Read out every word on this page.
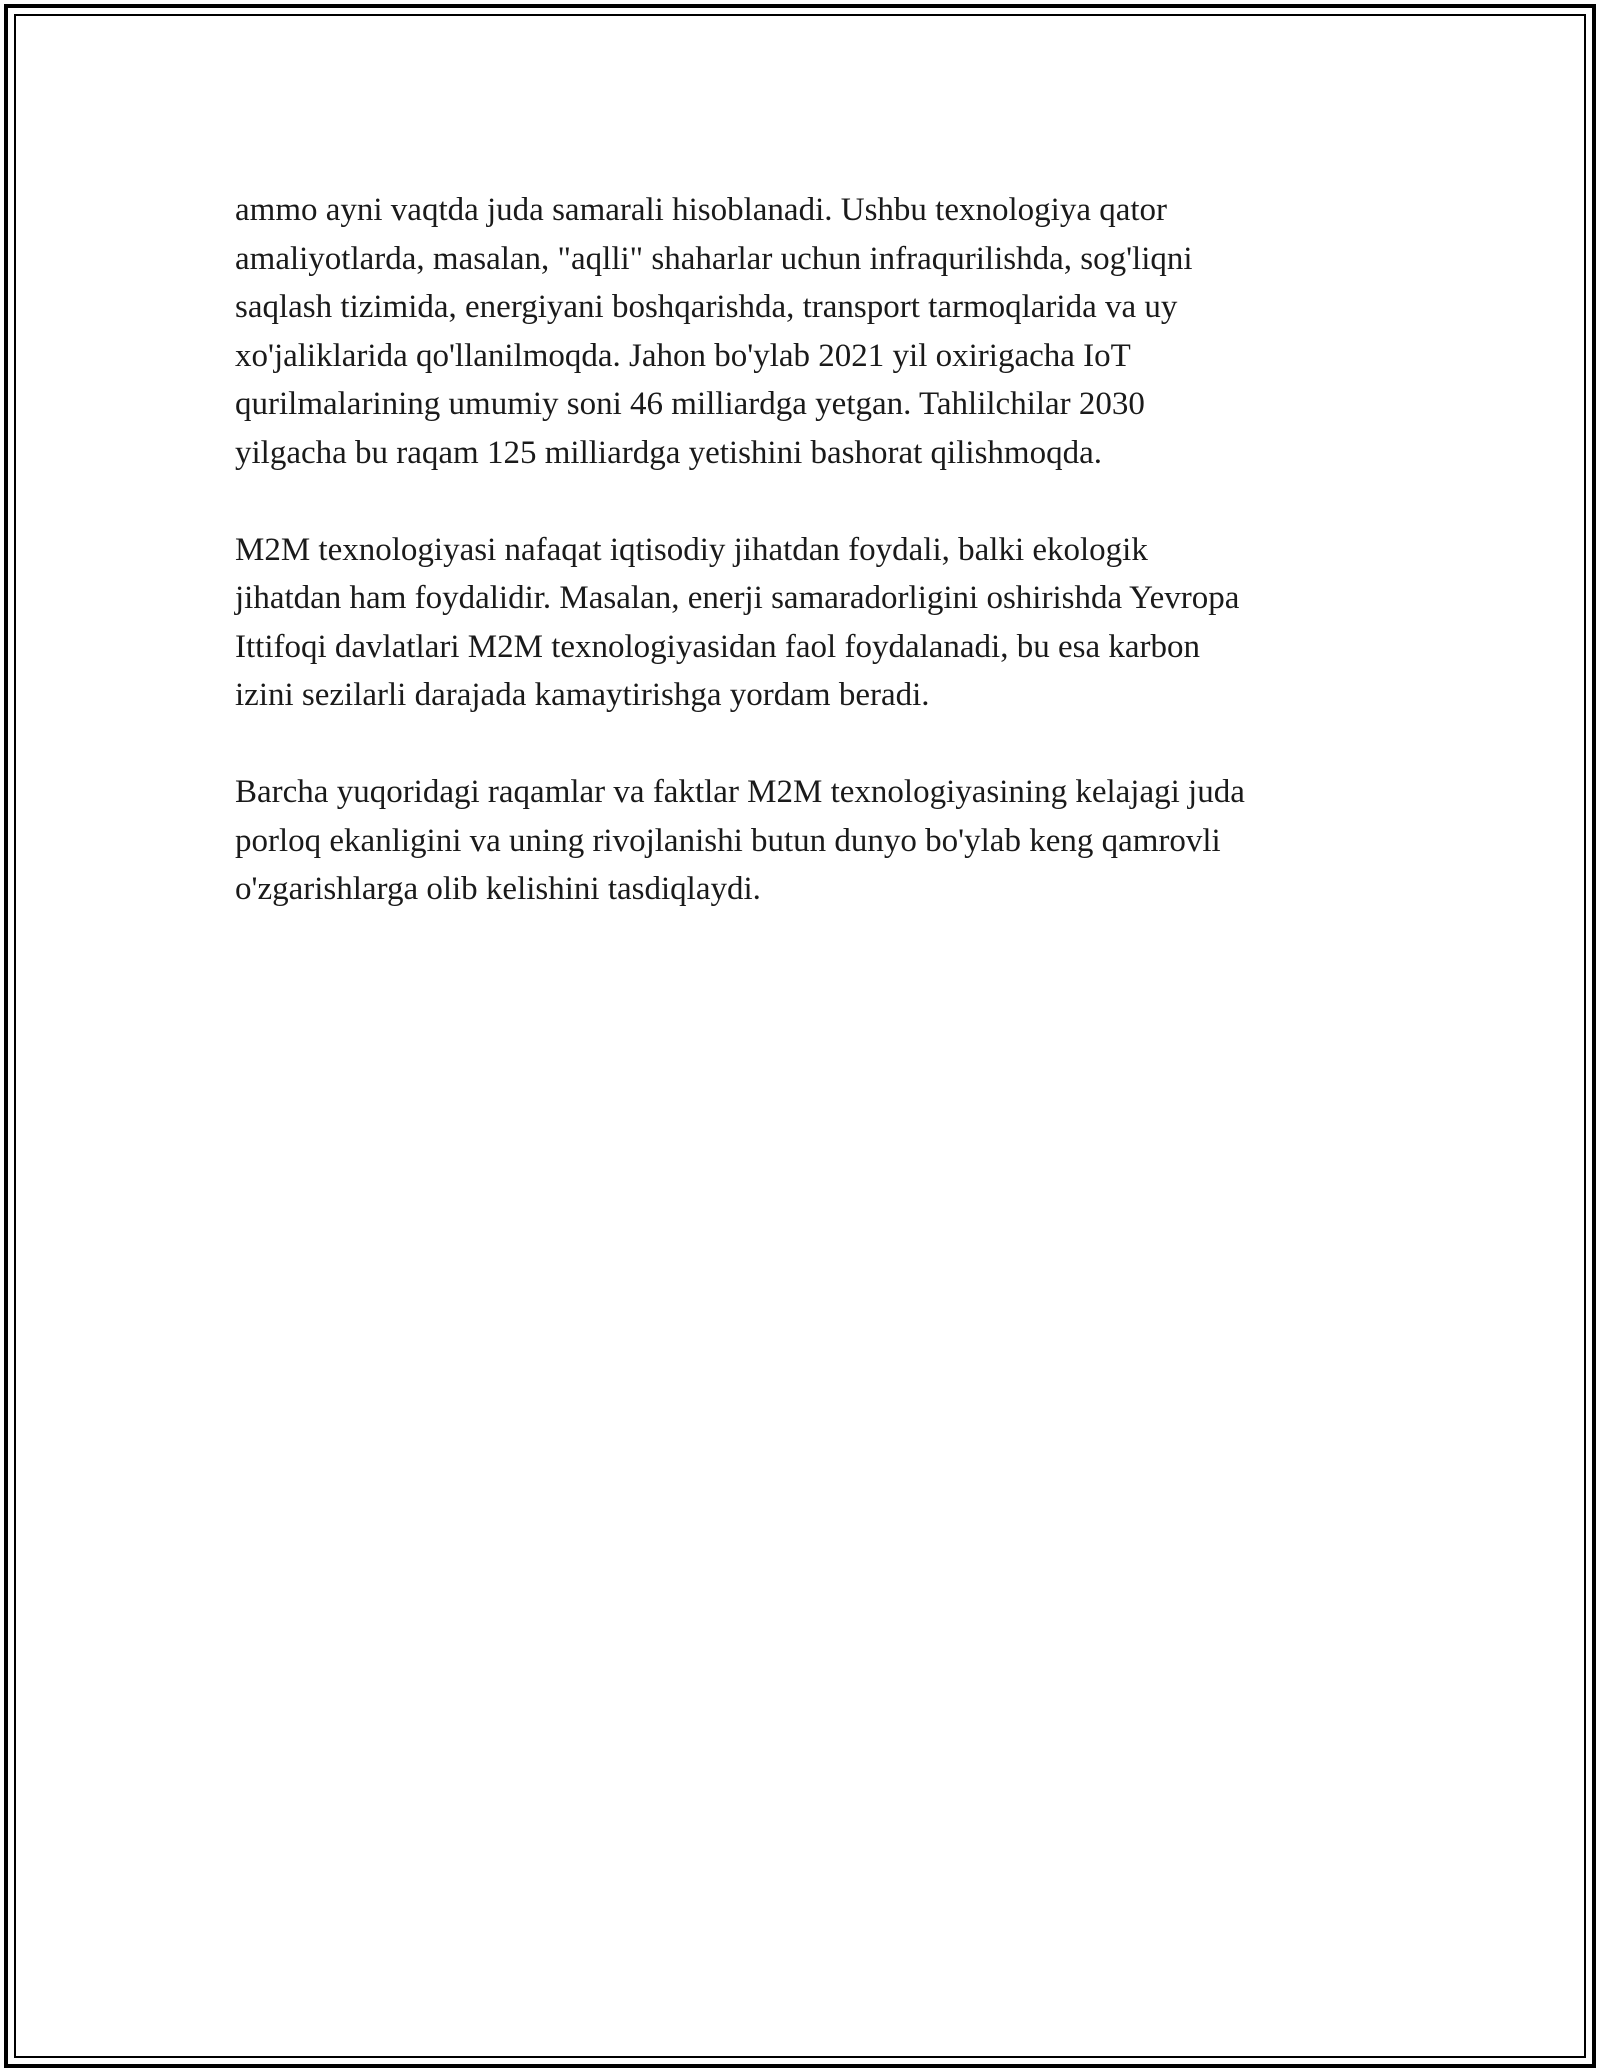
ammo ayni vaqtda juda samarali hisoblanadi. Ushbu texnologiya qator
amaliyotlarda, masalan, "aqlli" shaharlar uchun infraqurilishda, sog'liqni
saqlash tizimida, energiyani boshqarishda, transport tarmoqlarida va uy
xo'jaliklarida qo'llanilmoqda. Jahon bo'ylab 2021 yil oxirigacha IoT
qurilmalarining umumiy soni 46 milliardga yetgan. Tahlilchilar 2030
yilgacha bu raqam 125 milliardga yetishini bashorat qilishmoqda.

M2M texnologiyasi nafaqat iqtisodiy jihatdan foydali, balki ekologik
jihatdan ham foydalidir. Masalan, enerji samaradorligini oshirishda Yevropa
Ittifoqi davlatlari M2M texnologiyasidan faol foydalanadi, bu esa karbon
izini sezilarli darajada kamaytirishga yordam beradi.

Barcha yuqoridagi raqamlar va faktlar M2M texnologiyasining kelajagi juda
porloq ekanligini va uning rivojlanishi butun dunyo bo'ylab keng qamrovli
o'zgarishlarga olib kelishini tasdiqlaydi.
